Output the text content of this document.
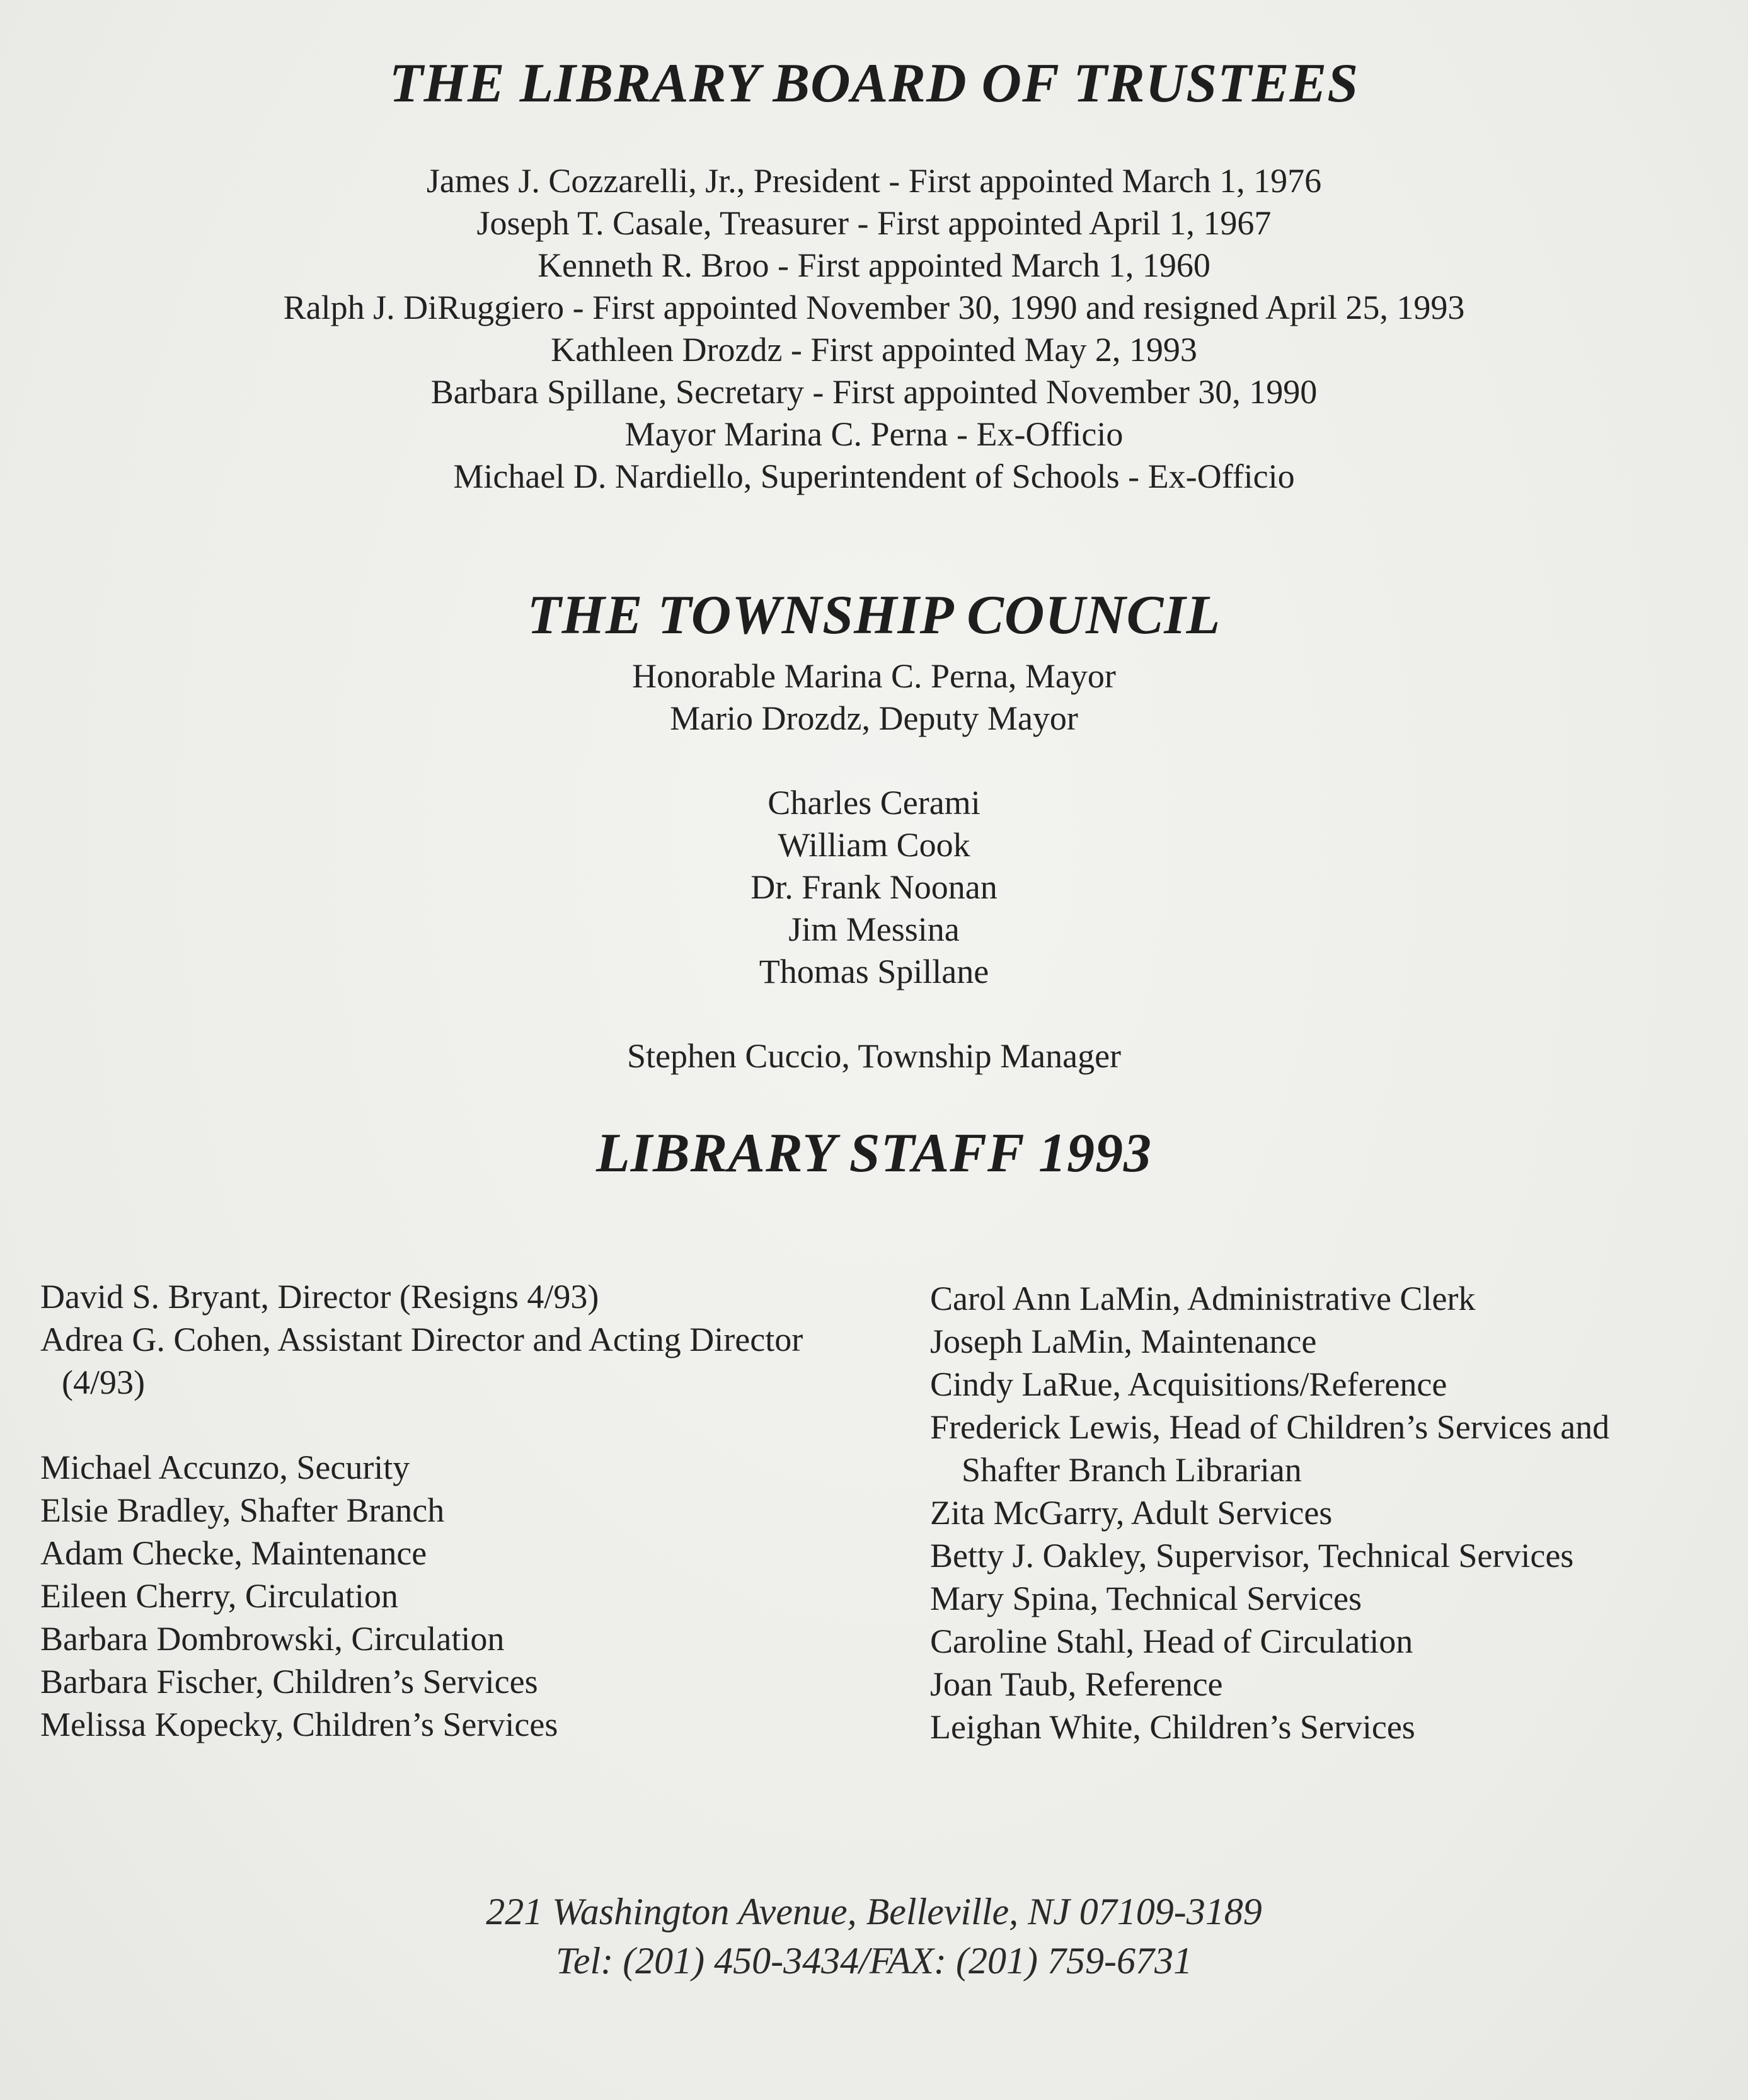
THE LIBRARY BOARD OF TRUSTEES
James J. Cozzarelli, Jr., President - First appointed March 1, 1976
Joseph T. Casale, Treasurer - First appointed April 1, 1967
Kenneth R. Broo - First appointed March 1, 1960
Ralph J. DiRuggiero - First appointed November 30, 1990 and resigned April 25, 1993
Kathleen Drozdz - First appointed May 2, 1993
Barbara Spillane, Secretary - First appointed November 30, 1990
Mayor Marina C. Perna - Ex-Officio
Michael D. Nardiello, Superintendent of Schools - Ex-Officio
THE TOWNSHIP COUNCIL
Honorable Marina C. Perna, Mayor
Mario Drozdz, Deputy Mayor
Charles Cerami
William Cook
Dr. Frank Noonan
Jim Messina
Thomas Spillane
Stephen Cuccio, Township Manager
LIBRARY STAFF 1993
David S. Bryant, Director (Resigns 4/93)
Adrea G. Cohen, Assistant Director and Acting Director
(4/93)
Michael Accunzo, Security
Elsie Bradley, Shafter Branch
Adam Checke, Maintenance
Eileen Cherry, Circulation
Barbara Dombrowski, Circulation
Barbara Fischer, Children’s Services
Melissa Kopecky, Children’s Services
Carol Ann LaMin, Administrative Clerk
Joseph LaMin, Maintenance
Cindy LaRue, Acquisitions/Reference
Frederick Lewis, Head of Children’s Services and
Shafter Branch Librarian
Zita McGarry, Adult Services
Betty J. Oakley, Supervisor, Technical Services
Mary Spina, Technical Services
Caroline Stahl, Head of Circulation
Joan Taub, Reference
Leighan White, Children’s Services
221 Washington Avenue, Belleville, NJ 07109-3189
Tel: (201) 450-3434/FAX: (201) 759-6731
